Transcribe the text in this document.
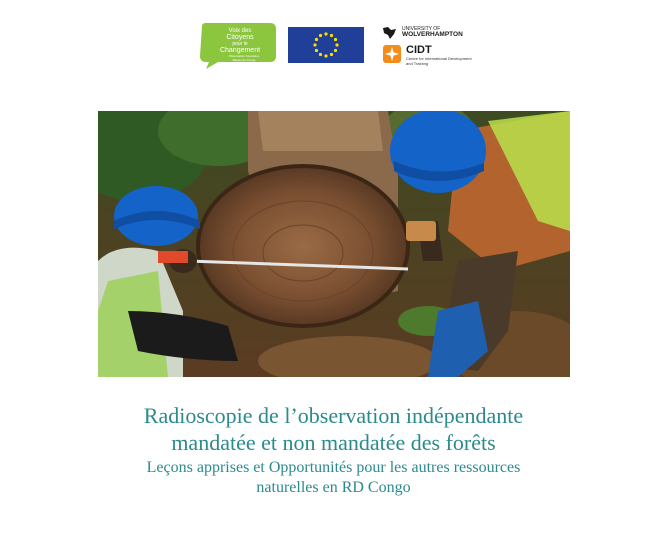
Voix des
Citoyens
pour le
Changement
Observation Forestière
Bassin du Congo
UNIVERSITY OF
WOLVERHAMPTON
CIDT
Centre for International Development and Training
Radioscopie de l’observation indépendante
mandatée et non mandatée des forêts
Leçons apprises et Opportunités pour les autres ressources
naturelles en RD Congo
